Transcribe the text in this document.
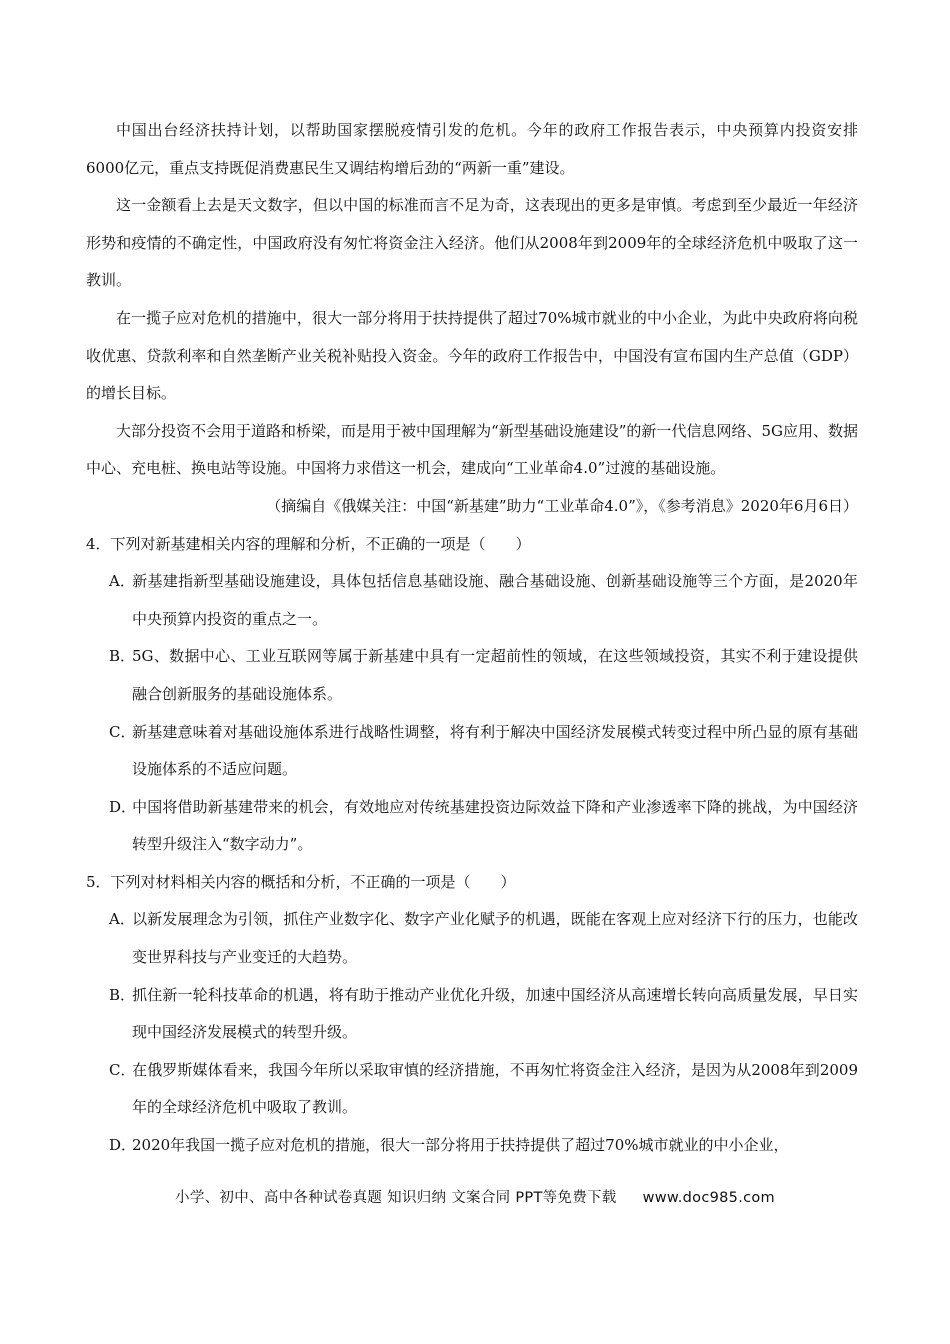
中国出台经济扶持计划，以帮助国家摆脱疫情引发的危机。今年的政府工作报告表示，中央预算内投资安排6000亿元，重点支持既促消费惠民生又调结构增后劲的“两新一重”建设。

这一金额看上去是天文数字，但以中国的标准而言不足为奇，这表现出的更多是审慎。考虑到至少最近一年经济形势和疫情的不确定性，中国政府没有匆忙将资金注入经济。他们从2008年到2009年的全球经济危机中吸取了这一教训。

在一揽子应对危机的措施中，很大一部分将用于扶持提供了超过70%城市就业的中小企业，为此中央政府将向税收优惠、贷款利率和自然垄断产业关税补贴投入资金。今年的政府工作报告中，中国没有宣布国内生产总值（GDP）的增长目标。

大部分投资不会用于道路和桥梁，而是用于被中国理解为“新型基础设施建设”的新一代信息网络、5G应用、数据中心、充电桩、换电站等设施。中国将力求借这一机会，建成向“工业革命4.0”过渡的基础设施。

（摘编自《俄媒关注：中国“新基建”助力“工业革命4.0”》，《参考消息》2020年6月6日）

4．下列对新基建相关内容的理解和分析，不正确的一项是（　　）

A．新基建指新型基础设施建设，具体包括信息基础设施、融合基础设施、创新基础设施等三个方面，是2020年中央预算内投资的重点之一。

B．5G、数据中心、工业互联网等属于新基建中具有一定超前性的领域，在这些领域投资，其实不利于建设提供融合创新服务的基础设施体系。

C．新基建意味着对基础设施体系进行战略性调整，将有利于解决中国经济发展模式转变过程中所凸显的原有基础设施体系的不适应问题。

D．中国将借助新基建带来的机会，有效地应对传统基建投资边际效益下降和产业渗透率下降的挑战，为中国经济转型升级注入“数字动力”。

5．下列对材料相关内容的概括和分析，不正确的一项是（　　）

A．以新发展理念为引领，抓住产业数字化、数字产业化赋予的机遇，既能在客观上应对经济下行的压力，也能改变世界科技与产业变迁的大趋势。

B．抓住新一轮科技革命的机遇，将有助于推动产业优化升级，加速中国经济从高速增长转向高质量发展，早日实现中国经济发展模式的转型升级。

C．在俄罗斯媒体看来，我国今年所以采取审慎的经济措施，不再匆忙将资金注入经济，是因为从2008年到2009年的全球经济危机中吸取了教训。

D．2020年我国一揽子应对危机的措施，很大一部分将用于扶持提供了超过70%城市就业的中小企业，

小学、初中、高中各种试卷真题 知识归纳 文案合同 PPT等免费下载 www.doc985.com
